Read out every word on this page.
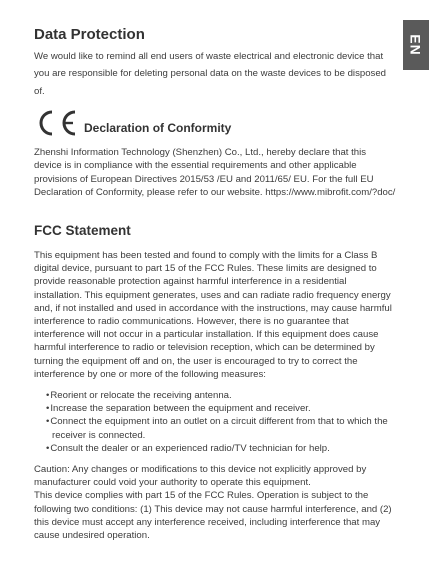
EN
Data Protection

We would like to remind all end users of waste electrical and electronic device that you are responsible for deleting personal data on the waste devices to be disposed of.

Declaration of Conformity

Zhenshi Information Technology (Shenzhen) Co., Ltd., hereby declare that this device is in compliance with the essential requirements and other applicable provisions of European Directives 2015/53 /EU and 2011/65/ EU. For the full EU Declaration of Conformity, please refer to our website. https://www.mibrofit.com/?doc/

FCC Statement

This equipment has been tested and found to comply with the limits for a Class B digital device, pursuant to part 15 of the FCC Rules. These limits are designed to provide reasonable protection against harmful interference in a residential installation. This equipment generates, uses and can radiate radio frequency energy and, if not installed and used in accordance with the instructions, may cause harmful interference to radio communications. However, there is no guarantee that interference will not occur in a particular installation. If this equipment does cause harmful interference to radio or television reception, which can be determined by turning the equipment off and on, the user is encouraged to try to correct the interference by one or more of the following measures:

• Reorient or relocate the receiving antenna.
• Increase the separation between the equipment and receiver.
• Connect the equipment into an outlet on a circuit different from that to which the receiver is connected.
• Consult the dealer or an experienced radio/TV technician for help.

Caution: Any changes or modifications to this device not explicitly approved by manufacturer could void your authority to operate this equipment.

This device complies with part 15 of the FCC Rules. Operation is subject to the following two conditions: (1) This device may not cause harmful interference, and (2) this device must accept any interference received, including interference that may cause undesired operation.
